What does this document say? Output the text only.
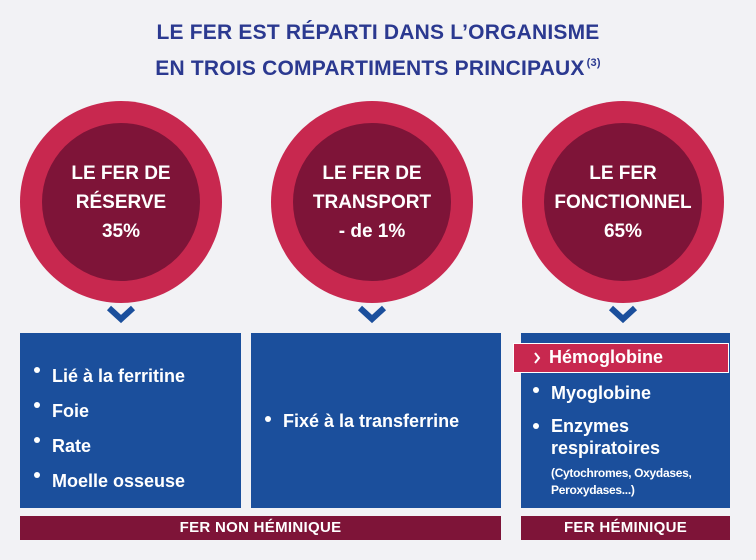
LE FER EST RÉPARTI DANS L’ORGANISME
EN TROIS COMPARTIMENTS PRINCIPAUX $^{(3)}$
LE FER DE
RÉSERVE
35%
LE FER DE
TRANSPORT
- de 1%
LE FER
FONCTIONNEL
65%
Lié à la ferritine
Foie
Rate
Moelle osseuse
Fixé à la transferrine
Hémoglobine
Myoglobine
Enzymes respiratoires
(Cytochromes, Oxydases,
Peroxydases...)
FER NON HÉMINIQUE	FER HÉMINIQUE
